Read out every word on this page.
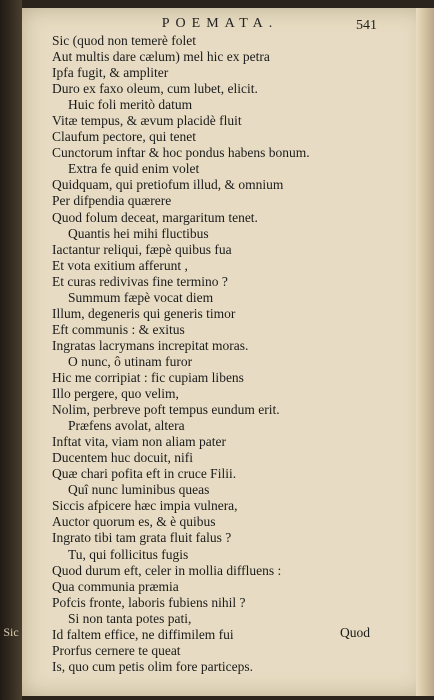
POEMATA.	541
Sic (quod non temerè folet
Aut multis dare cælum) mel hic ex petra
Ipfa fugit, & ampliter
Duro ex faxo oleum, cum lubet, elicit.
Huic foli meritò datum
Vitæ tempus, & ævum placidè fluit
Claufum pectore, qui tenet
Cunctorum inftar & hoc pondus habens bonum.
Extra fe quid enim volet
Quidquam, qui pretiofum illud, & omnium
Per difpendia quærere
Quod folum deceat, margaritum tenet.
Quantis hei mihi fluctibus
Iactantur reliqui, fæpè quibus fua
Et vota exitium afferunt ,
Et curas redivivas fine termino ?
Summum fæpè vocat diem
Illum, degeneris qui generis timor
Eft communis : & exitus
Ingratas lacrymans increpitat moras.
O nunc, ô utinam furor
Hic me corripiat : fic cupiam libens
Illo pergere, quo velim,
Nolim, perbreve poft tempus eundum erit.
Præfens avolat, altera
Inftat vita, viam non aliam pater
Ducentem huc docuit, nifi
Quæ chari pofita eft in cruce Filii.
Quî nunc luminibus queas
Siccis afpicere hæc impia vulnera,
Auctor quorum es, & è quibus
Ingrato tibi tam grata fluit falus ?
Tu, qui follicitus fugis
Quod durum eft, celer in mollia diffluens :
Qua communia præmia
Pofcis fronte, laboris fubiens nihil ?
Si non tanta potes pati,
Id faltem effice, ne diffimilem fui
Prorfus cernere te queat
Is, quo cum petis olim fore particeps.
Sic	Quod
